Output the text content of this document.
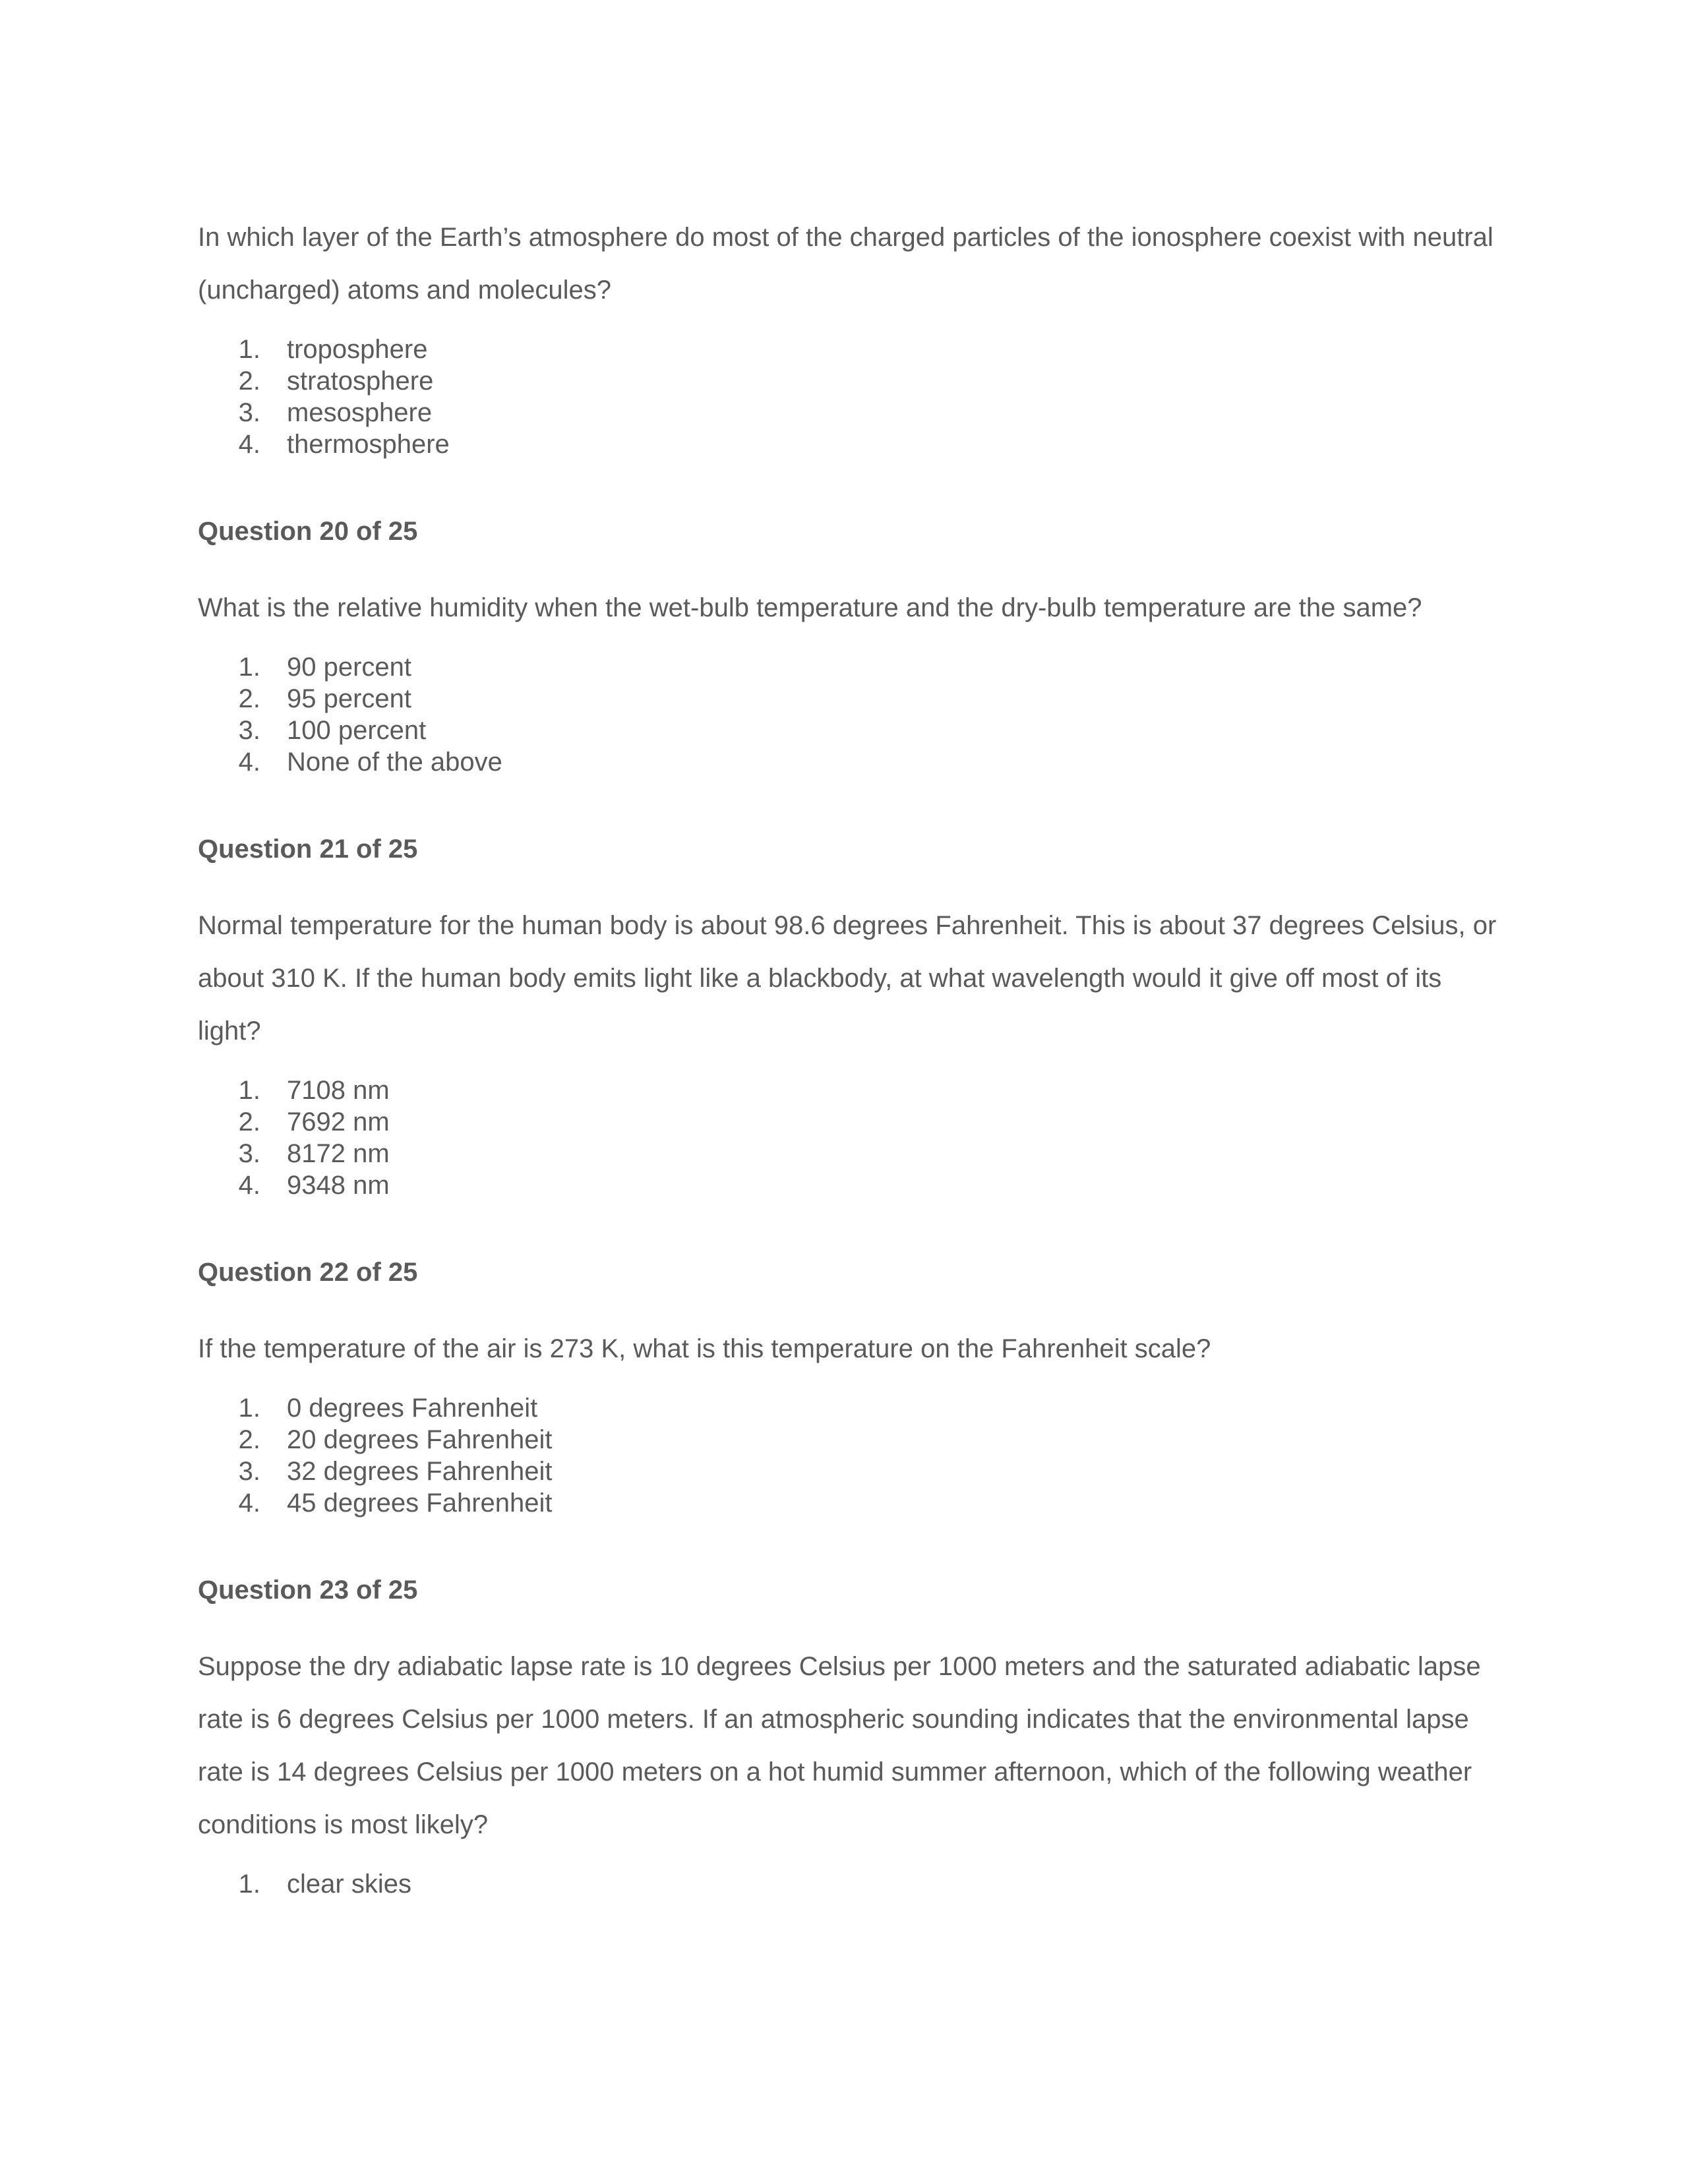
In which layer of the Earth’s atmosphere do most of the charged particles of the ionosphere coexist with neutral (uncharged) atoms and molecules?

1.	troposphere
2.	stratosphere
3.	mesosphere
4.	thermosphere

Question 20 of 25

What is the relative humidity when the wet-bulb temperature and the dry-bulb temperature are the same?

1.	90 percent
2.	95 percent
3.	100 percent
4.	None of the above

Question 21 of 25

Normal temperature for the human body is about 98.6 degrees Fahrenheit. This is about 37 degrees Celsius, or about 310 K. If the human body emits light like a blackbody, at what wavelength would it give off most of its light?

1.	7108 nm
2.	7692 nm
3.	8172 nm
4.	9348 nm

Question 22 of 25

If the temperature of the air is 273 K, what is this temperature on the Fahrenheit scale?

1.	0 degrees Fahrenheit
2.	20 degrees Fahrenheit
3.	32 degrees Fahrenheit
4.	45 degrees Fahrenheit

Question 23 of 25

Suppose the dry adiabatic lapse rate is 10 degrees Celsius per 1000 meters and the saturated adiabatic lapse rate is 6 degrees Celsius per 1000 meters. If an atmospheric sounding indicates that the environmental lapse rate is 14 degrees Celsius per 1000 meters on a hot humid summer afternoon, which of the following weather conditions is most likely?

1.	clear skies
